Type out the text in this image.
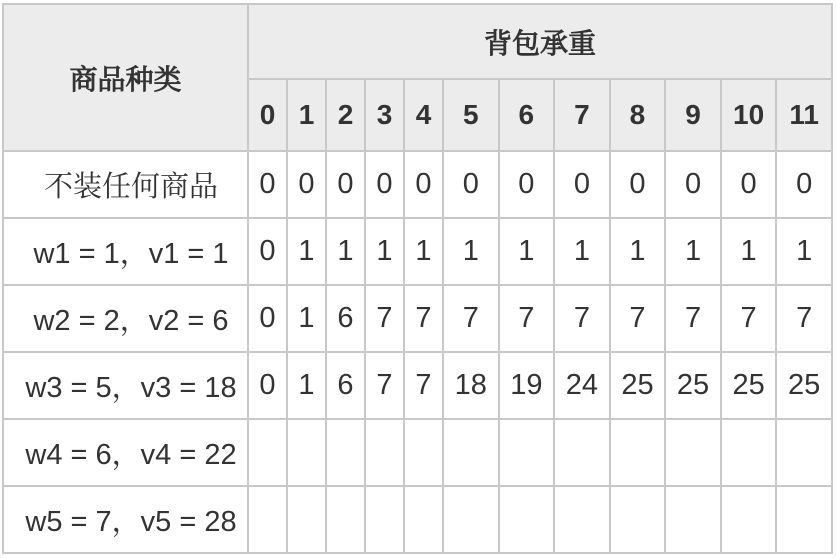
商品种类	背包承重											
	0	1	2	3	4	5	6	7	8	9	10	11
不装任何商品	0	0	0	0	0	0	0	0	0	0	0	0
w1 = 1，v1 = 1	0	1	1	1	1	1	1	1	1	1	1	1
w2 = 2，v2 = 6	0	1	6	7	7	7	7	7	7	7	7	7
w3 = 5，v3 = 18	0	1	6	7	7	18	19	24	25	25	25	25
w4 = 6，v4 = 22												
w5 = 7，v5 = 28												
